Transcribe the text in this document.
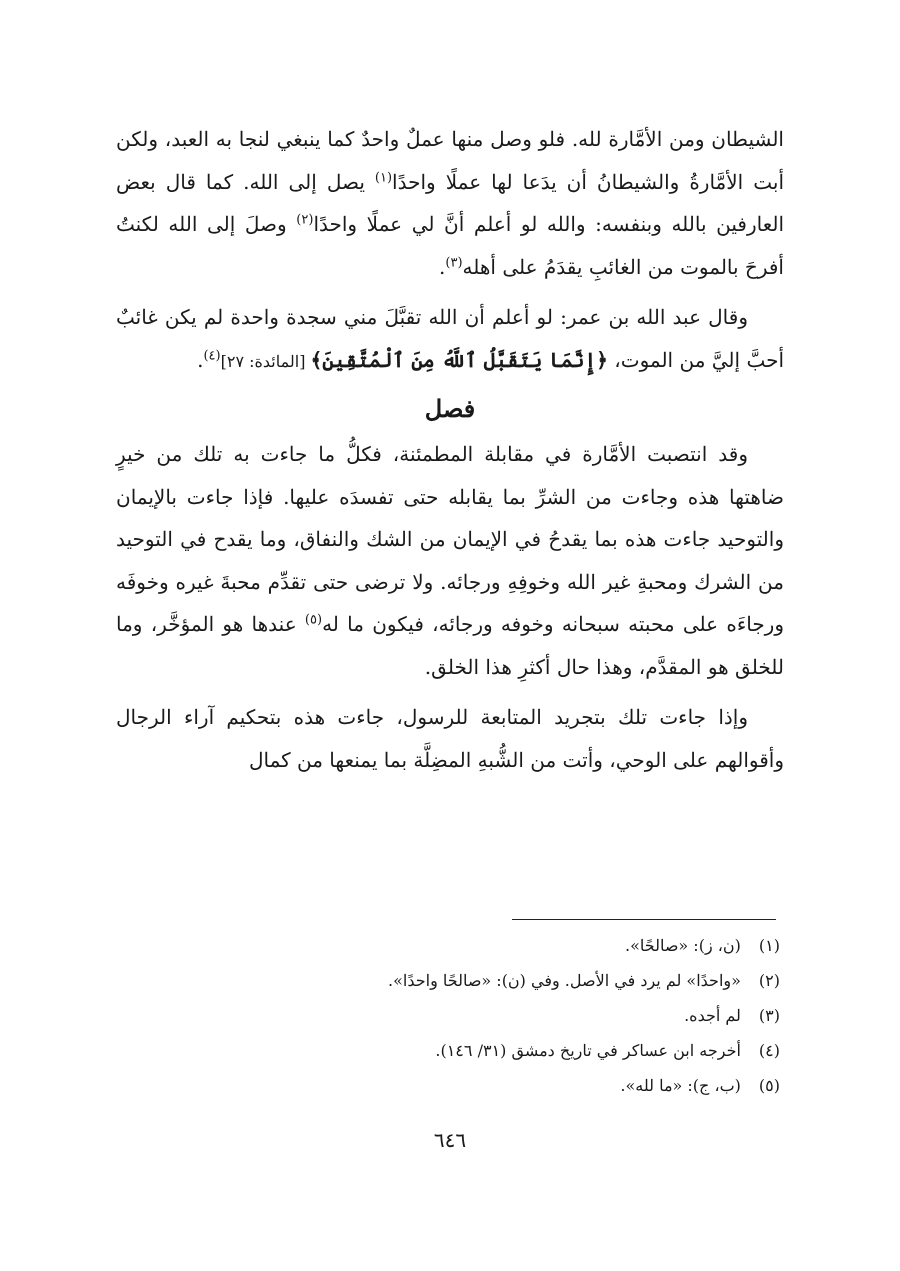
الشيطان ومن الأمَّارة لله. فلو وصل منها عملٌ واحدٌ كما ينبغي لنجا به العبد، ولكن أبت الأمَّارةُ والشيطانُ أن يدَعا لها عملًا واحدًا$^{(١)}$ يصل إلى الله. كما قال بعض العارفين بالله وبنفسه: والله لو أعلم أنَّ لي عملًا واحدًا$^{(٢)}$ وصلَ إلى الله لكنتُ أفرحَ بالموت من الغائبِ يقدَمُ على أهله$^{(٣)}$.

وقال عبد الله بن عمر: لو أعلم أن الله تقبَّلَ مني سجدة واحدة لم يكن غائبٌ أحبَّ إليَّ من الموت، ﴿إِنَّمَا يَتَقَبَّلُ ٱللَّهُ مِنَ ٱلْمُتَّقِينَ﴾ [المائدة: ٢٧]$^{(٤)}$.

فصل

وقد انتصبت الأمَّارة في مقابلة المطمئنة، فكلُّ ما جاءت به تلك من خيرٍ ضاهتها هذه وجاءت من الشرِّ بما يقابله حتى تفسدَه عليها. فإذا جاءت بالإيمان والتوحيد جاءت هذه بما يقدحُ في الإيمان من الشك والنفاق، وما يقدح في التوحيد من الشرك ومحبةِ غير الله وخوفِهِ ورجائه. ولا ترضى حتى تقدِّم محبةَ غيره وخوفَه ورجاءَه على محبته سبحانه وخوفه ورجائه، فيكون ما له$^{(٥)}$ عندها هو المؤخَّر، وما للخلق هو المقدَّم، وهذا حال أكثرِ هذا الخلق.

وإذا جاءت تلك بتجريد المتابعة للرسول، جاءت هذه بتحكيم آراء الرجال وأقوالهم على الوحي، وأتت من الشُّبهِ المضِلَّة بما يمنعها من كمال

(١) (ن، ز): «صالحًا».
(٢) «واحدًا» لم يرد في الأصل. وفي (ن): «صالحًا واحدًا».
(٣) لم أجده.
(٤) أخرجه ابن عساكر في تاريخ دمشق (٣١/ ١٤٦).
(٥) (ب، ج): «ما لله».
٦٤٦
